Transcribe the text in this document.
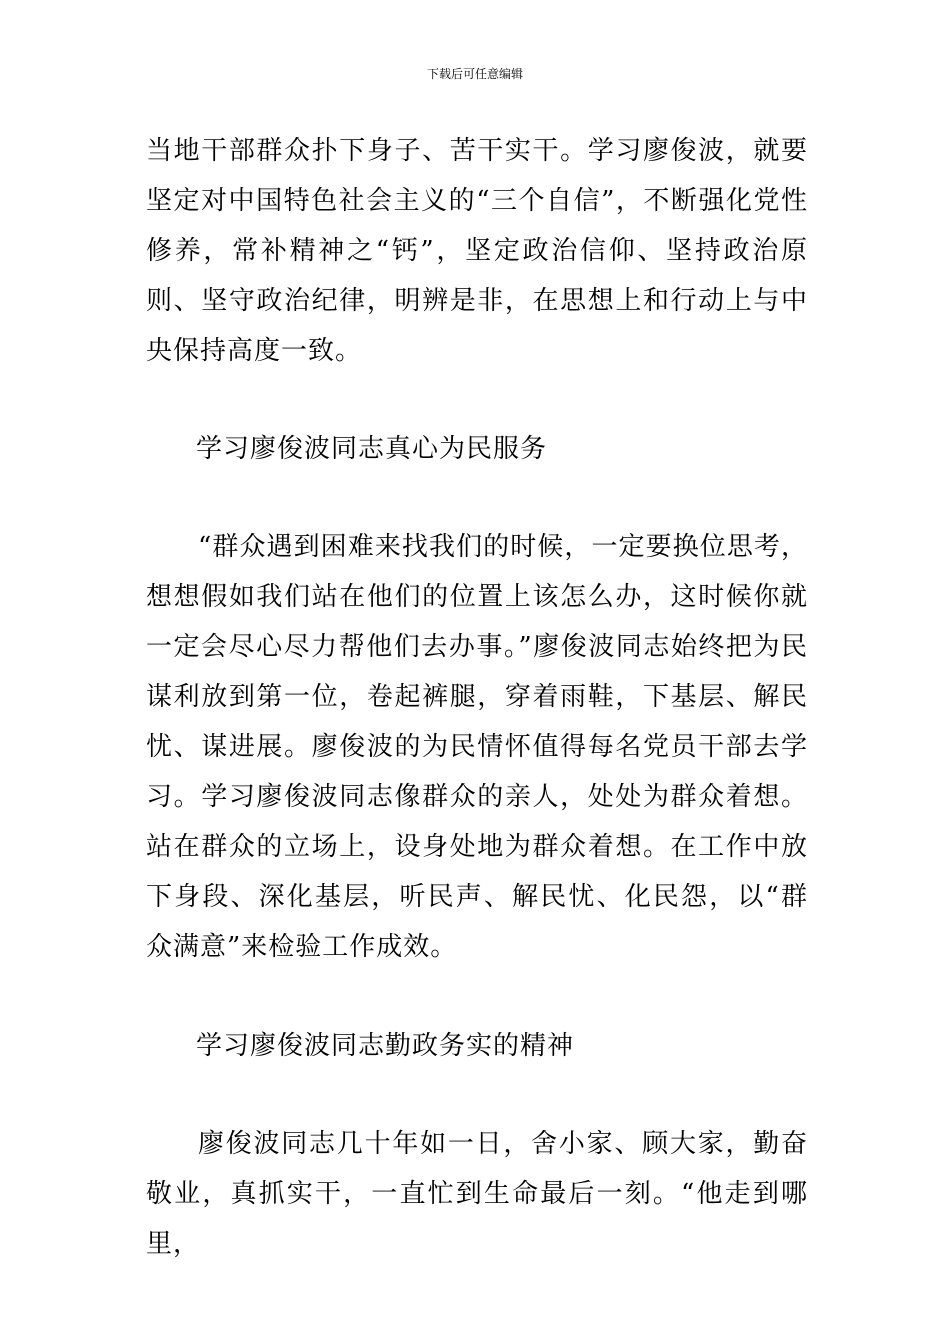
下载后可任意编辑

当地干部群众扑下身子、苦干实干。学习廖俊波，就要坚定对中国特色社会主义的“三个自信”，不断强化党性修养，常补精神之“钙”，坚定政治信仰、坚持政治原则、坚守政治纪律，明辨是非，在思想上和行动上与中央保持高度一致。

学习廖俊波同志真心为民服务

“群众遇到困难来找我们的时候，一定要换位思考，想想假如我们站在他们的位置上该怎么办，这时候你就一定会尽心尽力帮他们去办事。”廖俊波同志始终把为民谋利放到第一位，卷起裤腿，穿着雨鞋，下基层、解民忧、谋进展。廖俊波的为民情怀值得每名党员干部去学习。学习廖俊波同志像群众的亲人，处处为群众着想。站在群众的立场上，设身处地为群众着想。在工作中放下身段、深化基层，听民声、解民忧、化民怨，以“群众满意”来检验工作成效。

学习廖俊波同志勤政务实的精神

廖俊波同志几十年如一日，舍小家、顾大家，勤奋敬业，真抓实干，一直忙到生命最后一刻。“他走到哪里，
